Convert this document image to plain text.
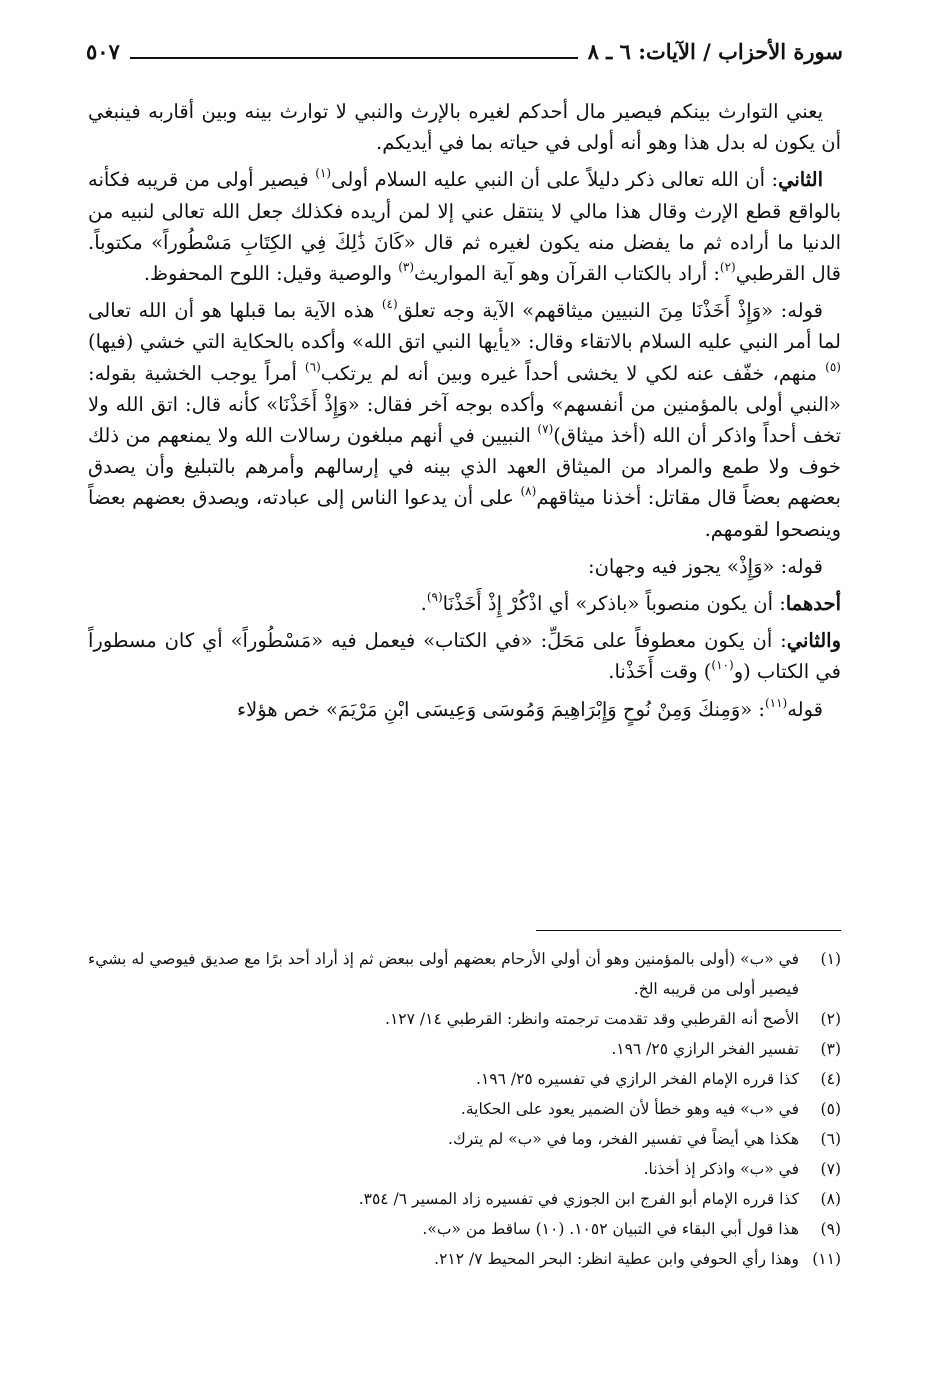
سورة الأحزاب / الآيات: ٦ ـ ٨
٥٠٧

يعني التوارث بينكم فيصير مال أحدكم لغيره بالإرث والنبي لا توارث بينه وبين أقاربه فينبغي أن يكون له بدل هذا وهو أنه أولى في حياته بما في أيديكم.

الثاني: أن الله تعالى ذكر دليلاً على أن النبي عليه السلام أولى$^{(١)}$ فيصير أولى من قريبه فكأنه بالواقع قطع الإرث وقال هذا مالي لا ينتقل عني إلا لمن أريده فكذلك جعل الله تعالى لنبيه من الدنيا ما أراده ثم ما يفضل منه يكون لغيره ثم قال «كَانَ ذَٰلِكَ فِي الكِتَابِ مَسْطُوراً» مكتوباً. قال القرطبي$^{(٢)}$: أراد بالكتاب القرآن وهو آية المواريث$^{(٣)}$ والوصية وقيل: اللوح المحفوظ.

قوله: «وَإِذْ أَخَذْنَا مِنَ النبيين ميثاقهم» الآية وجه تعلق$^{(٤)}$ هذه الآية بما قبلها هو أن الله تعالى لما أمر النبي عليه السلام بالاتقاء وقال: «يأيها النبي اتق الله» وأكده بالحكاية التي خشي (فيها)$^{(٥)}$ منهم، خفّف عنه لكي لا يخشى أحداً غيره وبين أنه لم يرتكب$^{(٦)}$ أمراً يوجب الخشية بقوله: «النبي أولى بالمؤمنين من أنفسهم» وأكده بوجه آخر فقال: «وَإِذْ أَخَذْنَا» كأنه قال: اتق الله ولا تخف أحداً واذكر أن الله (أخذ ميثاق)$^{(٧)}$ النبيين في أنهم مبلغون رسالات الله ولا يمنعهم من ذلك خوف ولا طمع والمراد من الميثاق العهد الذي بينه في إرسالهم وأمرهم بالتبليغ وأن يصدق بعضهم بعضاً قال مقاتل: أخذنا ميثاقهم$^{(٨)}$ على أن يدعوا الناس إلى عبادته، ويصدق بعضهم بعضاً وينصحوا لقومهم.

قوله: «وَإِذْ» يجوز فيه وجهان:

أحدهما: أن يكون منصوباً «باذكر» أي اذْكُرْ إِذْ أَخَذْنَا$^{(٩)}$.

والثاني: أن يكون معطوفاً على مَحَلِّ: «في الكتاب» فيعمل فيه «مَسْطُوراً» أي كان مسطوراً في الكتاب (و$^{(١٠)}$) وقت أَخَذْنا.

قوله$^{(١١)}$: «وَمِنكَ وَمِنْ نُوحٍ وَإِبْرَاهِيمَ وَمُوسَى وَعِيسَى ابْنِ مَرْيَمَ» خص هؤلاء

(١)
في «ب» (أولى بالمؤمنين وهو أن أولي الأرحام بعضهم أولى ببعض ثم إذ أراد أحد برًا مع صديق فيوصي له بشيء فيصير أولى من قريبه الخ.
(٢)
الأصح أنه القرطبي وقد تقدمت ترجمته وانظر: القرطبي ١٤/ ١٢٧.
(٣)
تفسير الفخر الرازي ٢٥/ ١٩٦.
(٤)
كذا قرره الإمام الفخر الرازي في تفسيره ٢٥/ ١٩٦.
(٥)
في «ب» فيه وهو خطأ لأن الضمير يعود على الحكاية.
(٦)
هكذا هي أيضاً في تفسير الفخر، وما في «ب» لم يترك.
(٧)
في «ب» واذكر إذ أخذنا.
(٨)
كذا قرره الإمام أبو الفرج ابن الجوزي في تفسيره زاد المسير ٦/ ٣٥٤.
(٩)
هذا قول أبي البقاء في التبيان ١٠٥٢. (١٠) ساقط من «ب».
(١١)
وهذا رأي الحوفي وابن عطية انظر: البحر المحيط ٧/ ٢١٢.
